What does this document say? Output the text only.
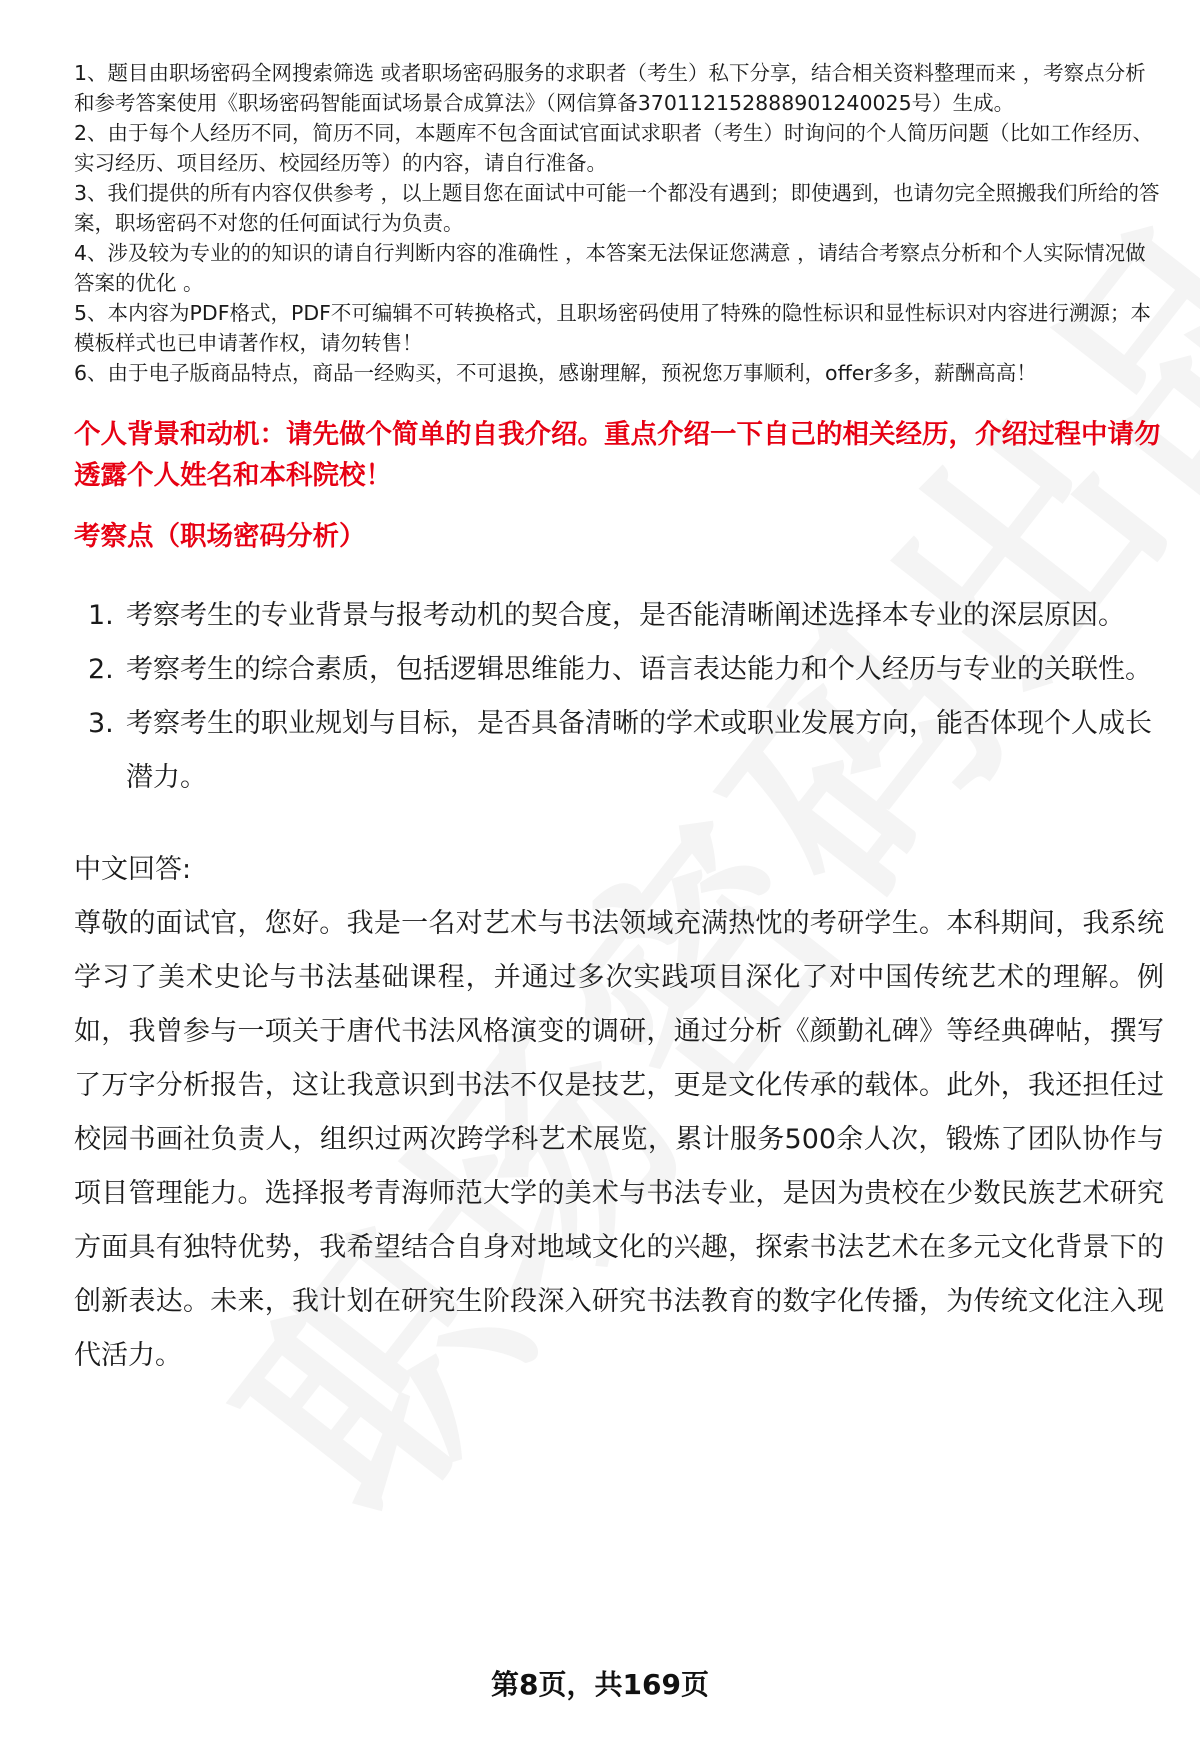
1、题目由职场密码全网搜索筛选 或者职场密码服务的求职者（考生）私下分享，结合相关资料整理而来 ，考察点分析和参考答案使用《职场密码智能面试场景合成算法》（网信算备370112152888901240025号）生成。
2、由于每个人经历不同，简历不同，本题库不包含面试官面试求职者（考生）时询问的个人简历问题（比如工作经历、实习经历、项目经历、校园经历等）的内容，请自行准备。
3、我们提供的所有内容仅供参考 ，以上题目您在面试中可能一个都没有遇到；即使遇到，也请勿完全照搬我们所给的答案，职场密码不对您的任何面试行为负责。
4、涉及较为专业的的知识的请自行判断内容的准确性 ，本答案无法保证您满意 ，请结合考察点分析和个人实际情况做答案的优化 。
5、本内容为PDF格式，PDF不可编辑不可转换格式，且职场密码使用了特殊的隐性标识和显性标识对内容进行溯源；本模板样式也已申请著作权，请勿转售！
6、由于电子版商品特点，商品一经购买，不可退换，感谢理解，预祝您万事顺利，offer多多，薪酬高高！
个人背景和动机：请先做个简单的自我介绍。重点介绍一下自己的相关经历，介绍过程中请勿透露个人姓名和本科院校！
考察点（职场密码分析）
1. 考察考生的专业背景与报考动机的契合度，是否能清晰阐述选择本专业的深层原因。
2. 考察考生的综合素质，包括逻辑思维能力、语言表达能力和个人经历与专业的关联性。
3. 考察考生的职业规划与目标，是否具备清晰的学术或职业发展方向，能否体现个人成长潜力。
中文回答:

尊敬的面试官，您好。我是一名对艺术与书法领域充满热忱的考研学生。本科期间，我系统学习了美术史论与书法基础课程，并通过多次实践项目深化了对中国传统艺术的理解。例如，我曾参与一项关于唐代书法风格演变的调研，通过分析《颜勤礼碑》等经典碑帖，撰写了万字分析报告，这让我意识到书法不仅是技艺，更是文化传承的载体。此外，我还担任过校园书画社负责人，组织过两次跨学科艺术展览，累计服务500余人次，锻炼了团队协作与项目管理能力。选择报考青海师范大学的美术与书法专业，是因为贵校在少数民族艺术研究方面具有独特优势，我希望结合自身对地域文化的兴趣，探索书法艺术在多元文化背景下的创新表达。未来，我计划在研究生阶段深入研究书法教育的数字化传播，为传统文化注入现代活力。

第8页，共169页
